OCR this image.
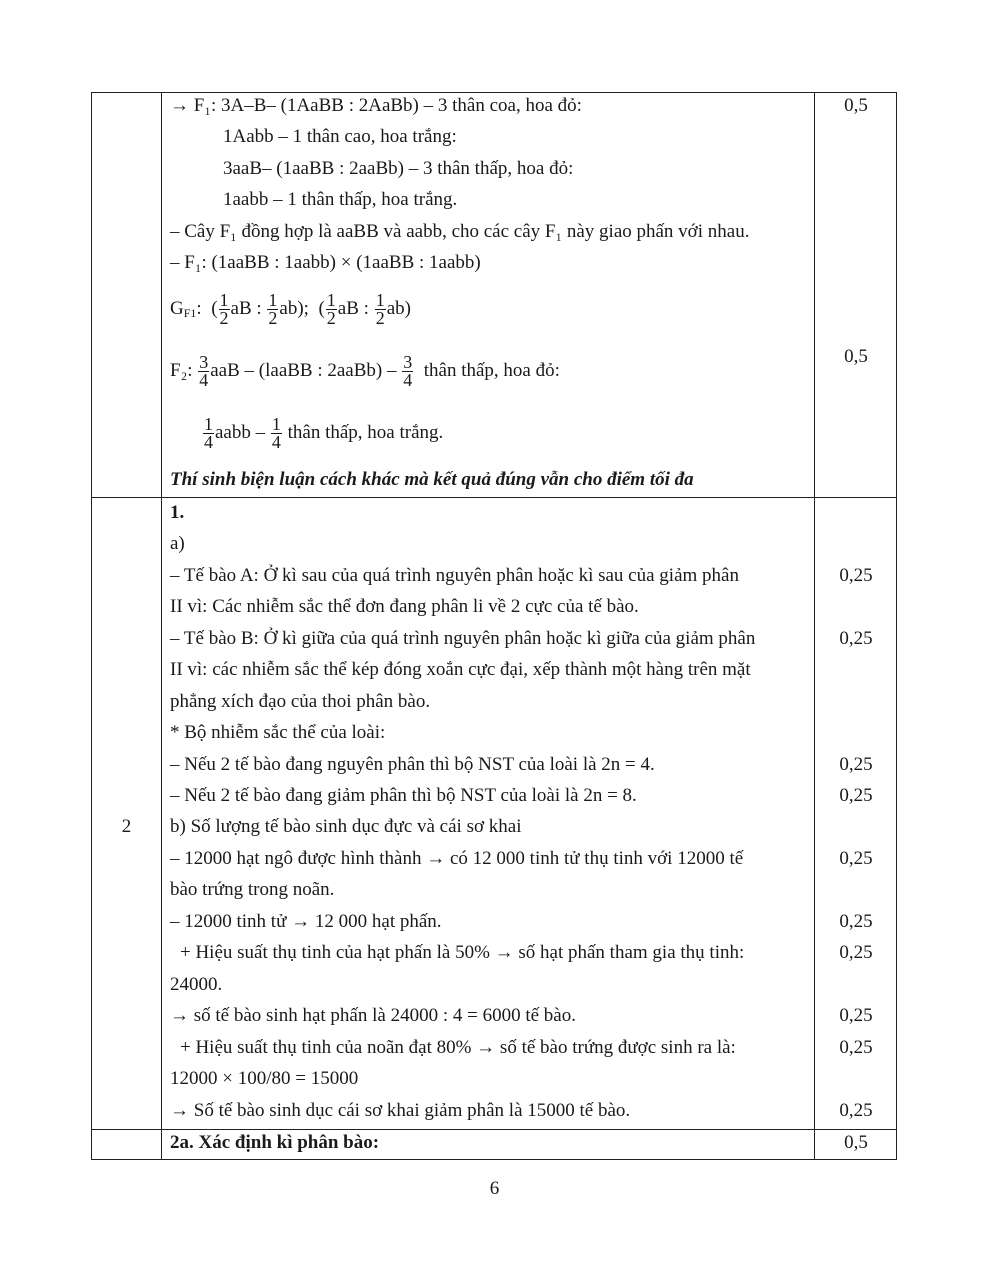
→ F₁: 3A–B– (1AaBB : 2AaBb) – 3 thân coa, hoa đỏ:
1Aabb – 1 thân cao, hoa trắng:
3aaB– (1aaBB : 2aaBb) – 3 thân thấp, hoa đỏ:
1aabb – 1 thân thấp, hoa trắng.
– Cây F₁ đồng hợp là aaBB và aabb, cho các cây F₁ này giao phấn với nhau.
– F₁: (1aaBB : 1aabb) × (1aaBB : 1aabb)
$G_{F1}$:  ( $\frac{1}{2}$ aB : $\frac{1}{2} ab$);  ( $\frac{1}{2}$ aB : $\frac{1}{2} ab$)
F₂: $\frac{3}{4}$ aaB – (laaBB : 2aaBb) – $\frac{3}{4}$ thân thấp, hoa đỏ:
$\frac{1}{4}$ aabb – $\frac{1}{4}$ thân thấp, hoa trắng.
Thí sinh biện luận cách khác mà kết quả đúng vẫn cho điểm tối đa
0,5
0,5
2
1.
a)
– Tế bào A: Ở kì sau của quá trình nguyên phân hoặc kì sau của giảm phân
II vì: Các nhiễm sắc thể đơn đang phân li về 2 cực của tế bào.
– Tế bào B: Ở kì giữa của quá trình nguyên phân hoặc kì giữa của giảm phân
II vì: các nhiễm sắc thể kép đóng xoắn cực đại, xếp thành một hàng trên mặt
phẳng xích đạo của thoi phân bào.
* Bộ nhiễm sắc thể của loài:
– Nếu 2 tế bào đang nguyên phân thì bộ NST của loài là 2n = 4.
– Nếu 2 tế bào đang giảm phân thì bộ NST của loài là 2n = 8.
b) Số lượng tế bào sinh dục đực và cái sơ khai
– 12000 hạt ngô được hình thành → có 12 000 tinh tử thụ tinh với 12000 tế
bào trứng trong noãn.
– 12000 tinh tử → 12 000 hạt phấn.
+ Hiệu suất thụ tinh của hạt phấn là 50% → số hạt phấn tham gia thụ tinh:
24000.
→ số tế bào sinh hạt phấn là 24000 : 4 = 6000 tế bào.
+ Hiệu suất thụ tinh của noãn đạt 80% → số tế bào trứng được sinh ra là:
12000 × 100/80 = 15000
→ Số tế bào sinh dục cái sơ khai giảm phân là 15000 tế bào.
0,25
0,25
0,25
0,25
0,25
0,25
0,25
0,25
0,25
0,25
2a. Xác định kì phân bào:	0,5
6
